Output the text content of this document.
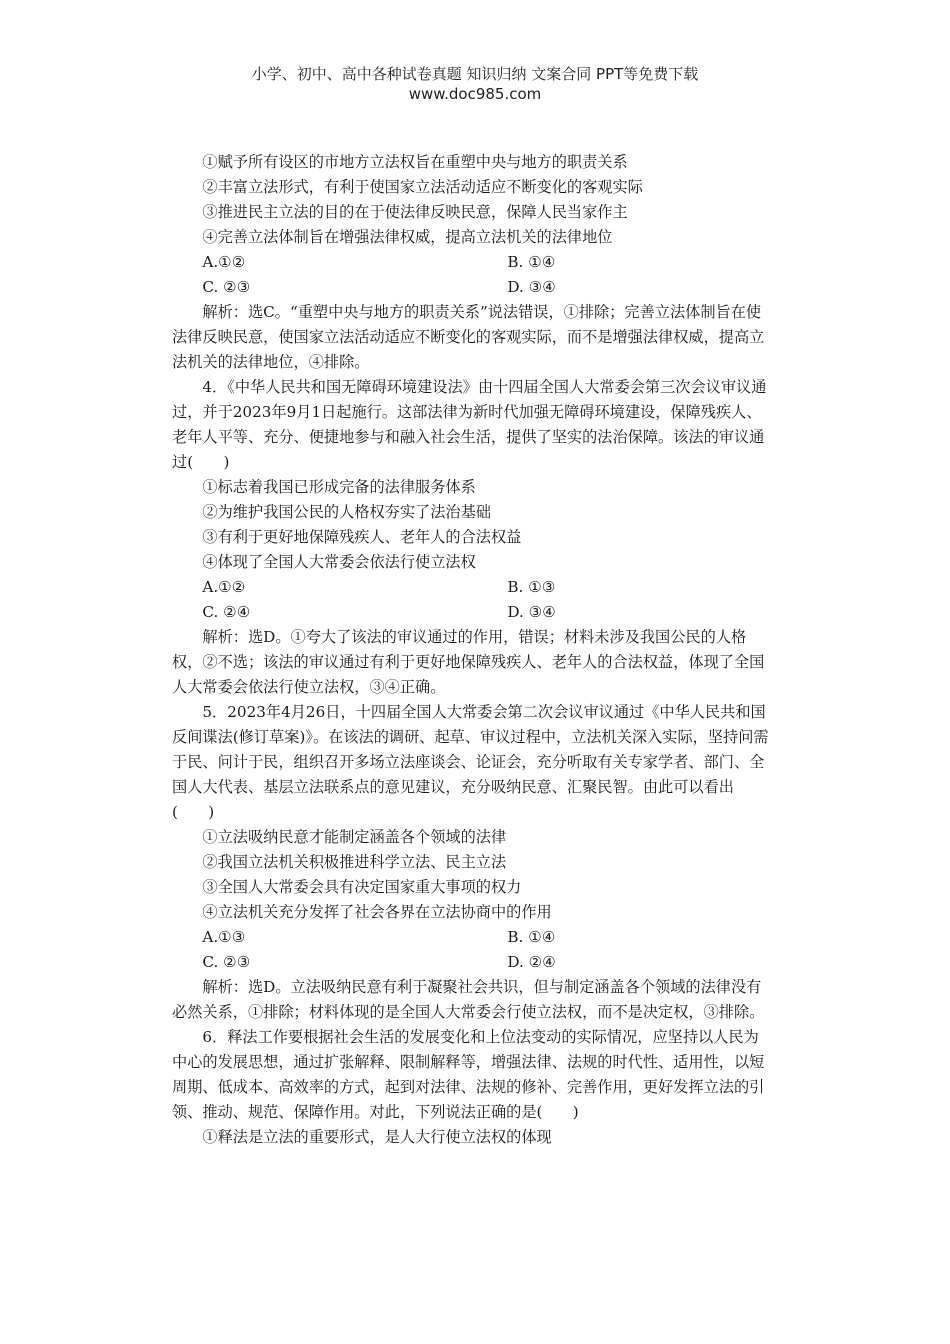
小学、初中、高中各种试卷真题 知识归纳 文案合同 PPT等免费下载
www.doc985.com

①赋予所有设区的市地方立法权旨在重塑中央与地方的职责关系

②丰富立法形式，有利于使国家立法活动适应不断变化的客观实际

③推进民主立法的目的在于使法律反映民意，保障人民当家作主

④完善立法体制旨在增强法律权威，提高立法机关的法律地位

A.①②	B. ①④
C. ②③	D. ③④

解析：选C。“重塑中央与地方的职责关系”说法错误，①排除；完善立法体制旨在使法律反映民意，使国家立法活动适应不断变化的客观实际，而不是增强法律权威，提高立法机关的法律地位，④排除。

4．《中华人民共和国无障碍环境建设法》由十四届全国人大常委会第三次会议审议通过，并于2023年9月1日起施行。这部法律为新时代加强无障碍环境建设，保障残疾人、老年人平等、充分、便捷地参与和融入社会生活，提供了坚实的法治保障。该法的审议通过(　　)

①标志着我国已形成完备的法律服务体系

②为维护我国公民的人格权夯实了法治基础

③有利于更好地保障残疾人、老年人的合法权益

④体现了全国人大常委会依法行使立法权

A.①②	B. ①③
C. ②④	D. ③④

解析：选D。①夸大了该法的审议通过的作用，错误；材料未涉及我国公民的人格权，②不选；该法的审议通过有利于更好地保障残疾人、老年人的合法权益，体现了全国人大常委会依法行使立法权，③④正确。

5．2023年4月26日，十四届全国人大常委会第二次会议审议通过《中华人民共和国反间谍法(修订草案)》。在该法的调研、起草、审议过程中，立法机关深入实际，坚持问需于民、问计于民，组织召开多场立法座谈会、论证会，充分听取有关专家学者、部门、全国人大代表、基层立法联系点的意见建议，充分吸纳民意、汇聚民智。由此可以看出(　　)

①立法吸纳民意才能制定涵盖各个领域的法律

②我国立法机关积极推进科学立法、民主立法

③全国人大常委会具有决定国家重大事项的权力

④立法机关充分发挥了社会各界在立法协商中的作用

A.①③	B. ①④
C. ②③	D. ②④

解析：选D。立法吸纳民意有利于凝聚社会共识，但与制定涵盖各个领域的法律没有必然关系，①排除；材料体现的是全国人大常委会行使立法权，而不是决定权，③排除。

6．释法工作要根据社会生活的发展变化和上位法变动的实际情况，应坚持以人民为中心的发展思想，通过扩张解释、限制解释等，增强法律、法规的时代性、适用性，以短周期、低成本、高效率的方式，起到对法律、法规的修补、完善作用，更好发挥立法的引领、推动、规范、保障作用。对此，下列说法正确的是(　　)

①释法是立法的重要形式，是人大行使立法权的体现
